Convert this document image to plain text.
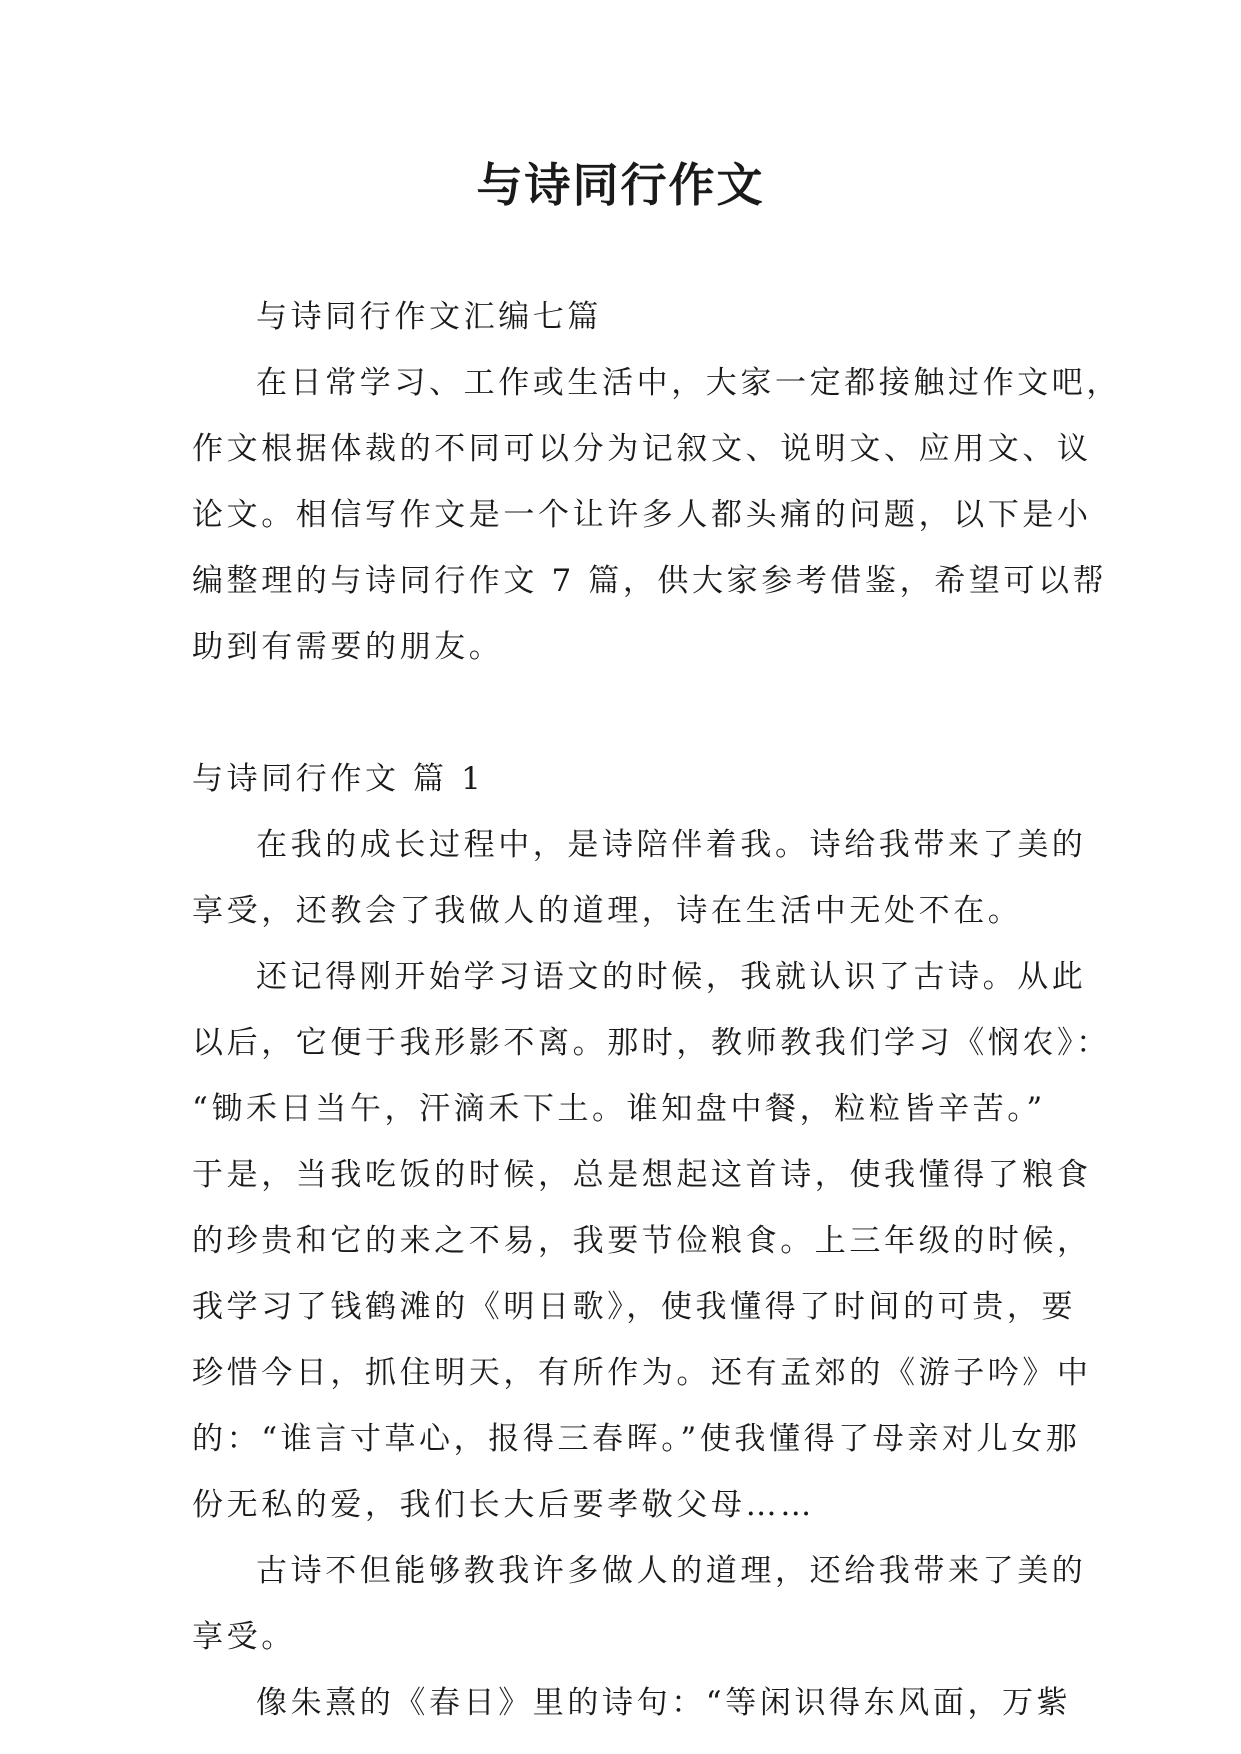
与诗同行作文
与诗同行作文汇编七篇
在日常学习、工作或生活中，大家一定都接触过作文吧，
作文根据体裁的不同可以分为记叙文、说明文、应用文、议
论文。相信写作文是一个让许多人都头痛的问题，以下是小
编整理的与诗同行作文 7 篇，供大家参考借鉴，希望可以帮
助到有需要的朋友。
与诗同行作文 篇 1
在我的成长过程中，是诗陪伴着我。诗给我带来了美的
享受，还教会了我做人的道理，诗在生活中无处不在。
还记得刚开始学习语文的时候，我就认识了古诗。从此
以后，它便于我形影不离。那时，教师教我们学习《悯农》：
“锄禾日当午，汗滴禾下土。谁知盘中餐，粒粒皆辛苦。”
于是，当我吃饭的时候，总是想起这首诗，使我懂得了粮食
的珍贵和它的来之不易，我要节俭粮食。上三年级的时候，
我学习了钱鹤滩的《明日歌》，使我懂得了时间的可贵，要
珍惜今日，抓住明天，有所作为。还有孟郊的《游子吟》中
的：“谁言寸草心，报得三春晖。”使我懂得了母亲对儿女那
份无私的爱，我们长大后要孝敬父母……
古诗不但能够教我许多做人的道理，还给我带来了美的
享受。
像朱熹的《春日》里的诗句：“等闲识得东风面，万紫
